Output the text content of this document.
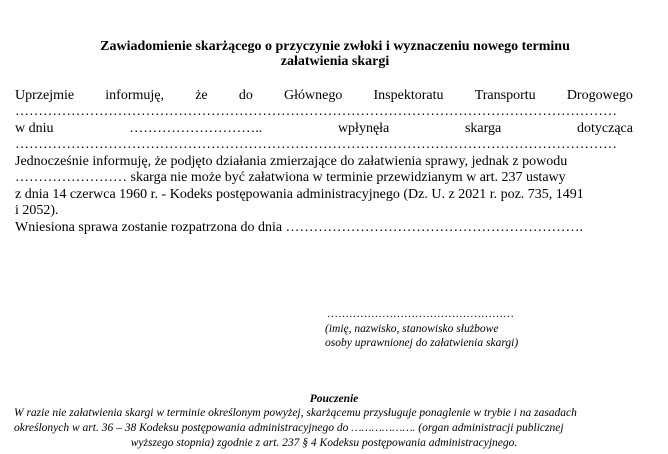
Zawiadomienie skarżącego o przyczynie zwłoki i wyznaczeniu nowego terminu
załatwienia skargi
Uprzejmie informuję, że do Głównego Inspektoratu Transportu Drogowego
…………………………………………………………………………………………………………………
w dniu	………………………..	wpłynęła	skarga	dotycząca
…………………………………………………………………………………………………………………
Jednocześnie informuję, że podjęto działania zmierzające do załatwienia sprawy, jednak z powodu
…………………… skarga nie może być załatwiona w terminie przewidzianym w art. 237 ustawy
z dnia 14 czerwca 1960 r. - Kodeks postępowania administracyjnego (Dz. U. z 2021 r. poz. 735, 1491
i 2052).
Wniesiona sprawa zostanie rozpatrzona do dnia ……………………………………………………….
……………………………………………
(imię, nazwisko, stanowisko służbowe
osoby uprawnionej do załatwienia skargi)
Pouczenie
W razie nie załatwienia skargi w terminie określonym powyżej, skarżącemu przysługuje ponaglenie w trybie i na zasadach
określonych w art. 36 – 38 Kodeksu postępowania administracyjnego do ………………. (organ administracji publicznej
wyższego stopnia) zgodnie z art. 237 § 4 Kodeksu postępowania administracyjnego.
